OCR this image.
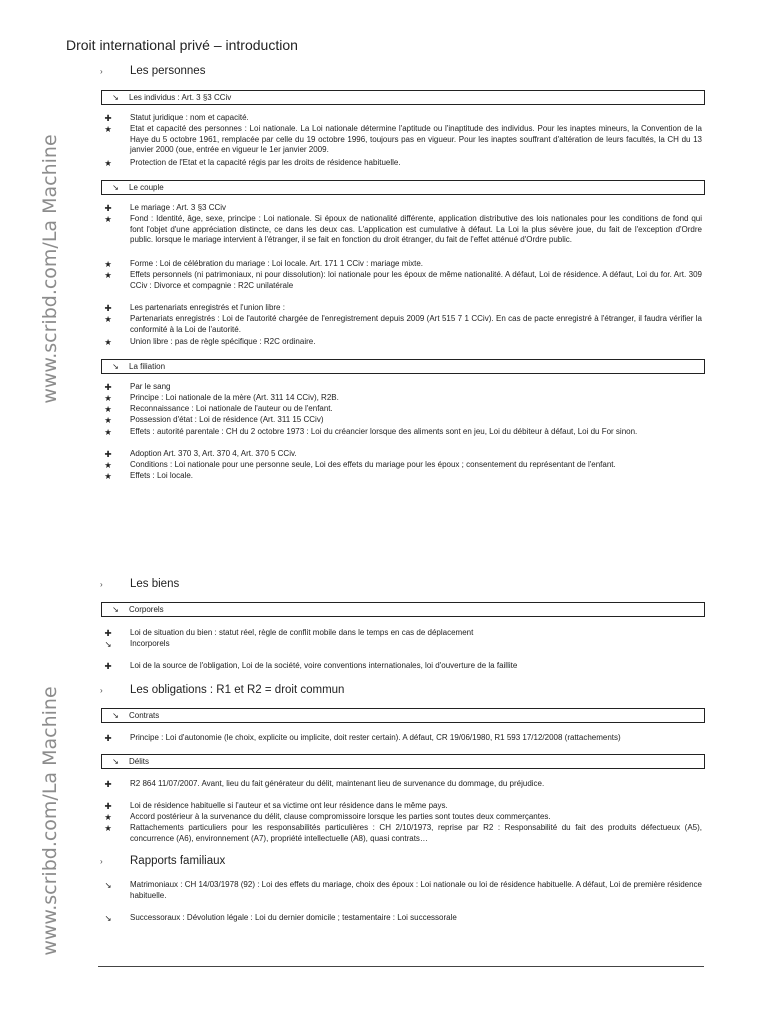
www.scribd.com/La Machine
www.scribd.com/La Machine
Droit international privé – introduction
› Les personnes
↘ Les individus : Art. 3 §3 CCiv
✚	Statut juridique : nom et capacité.
★ Etat et capacité des personnes : Loi nationale. La Loi nationale détermine l'aptitude ou l'inaptitude des individus. Pour les inaptes mineurs, la Convention de la Haye du 5 octobre 1961, remplacée par celle du 19 octobre 1996, toujours pas en vigueur. Pour les inaptes souffrant d'altération de leurs facultés, la CH du 13 janvier 2000 (oue, entrée en vigueur le 1er janvier 2009.
★ Protection de l'Etat et la capacité régis par les droits de résidence habituelle.
↘ Le couple
✚	Le mariage : Art. 3 §3 CCiv
★ Fond : Identité, âge, sexe, principe : Loi nationale. Si époux de nationalité différente, application distributive des lois nationales pour les conditions de fond qui font l'objet d'une appréciation distincte, ce dans les deux cas. L'application est cumulative à défaut. La Loi la plus sévère joue, du fait de l'exception d'Ordre public. lorsque le mariage intervient à l'étranger, il se fait en fonction du droit étranger, du fait de l'effet atténué d'Ordre public.
★ Forme : Loi de célébration du mariage : Loi locale. Art. 171 1 CCiv : mariage mixte.
★ Effets personnels (ni patrimoniaux, ni pour dissolution): loi nationale pour les époux de même nationalité. A défaut, Loi de résidence. A défaut, Loi du for. Art. 309 CCiv : Divorce et compagnie : R2C unilatérale
✚	Les partenariats enregistrés et l'union libre :
★ Partenariats enregistrés : Loi de l'autorité chargée de l'enregistrement depuis 2009 (Art 515 7 1 CCiv). En cas de pacte enregistré à l'étranger, il faudra vérifier la conformité à la Loi de l'autorité.
★ Union libre : pas de règle spécifique : R2C ordinaire.
↘ La filiation
✚	Par le sang
★ Principe : Loi nationale de la mère (Art. 311 14 CCiv), R2B.
★ Reconnaissance : Loi nationale de l'auteur ou de l'enfant.
★ Possession d'état : Loi de résidence (Art. 311 15 CCiv)
★ Effets : autorité parentale : CH du 2 octobre 1973 : Loi du créancier lorsque des aliments sont en jeu, Loi du débiteur à défaut, Loi du For sinon.
✚	Adoption Art. 370 3, Art. 370 4, Art. 370 5 CCiv.
★ Conditions : Loi nationale pour une personne seule, Loi des effets du mariage pour les époux ; consentement du représentant de l'enfant.
★ Effets : Loi locale.
› Les biens
↘ Corporels
✚	Loi de situation du bien : statut réel, règle de conflit mobile dans le temps en cas de déplacement
↘	Incorporels
✚	Loi de la source de l'obligation, Loi de la société, voire conventions internationales, loi d'ouverture de la faillite
› Les obligations : R1 et R2 = droit commun
↘ Contrats
✚	Principe : Loi d'autonomie (le choix, explicite ou implicite, doit rester certain). A défaut, CR 19/06/1980, R1 593 17/12/2008 (rattachements)
↘ Délits
✚	R2 864 11/07/2007. Avant, lieu du fait générateur du délit, maintenant lieu de survenance du dommage, du préjudice.
✚	Loi de résidence habituelle si l'auteur et sa victime ont leur résidence dans le même pays.
★ Accord postérieur à la survenance du délit, clause compromissoire lorsque les parties sont toutes deux commerçantes.
★ Rattachements particuliers pour les responsabilités particulières : CH 2/10/1973, reprise par R2 : Responsabilité du fait des produits défectueux (A5), concurrence (A6), environnement (A7), propriété intellectuelle (A8), quasi contrats…
› Rapports familiaux
↘	Matrimoniaux : CH 14/03/1978 (92) : Loi des effets du mariage, choix des époux : Loi nationale ou loi de résidence habituelle. A défaut, Loi de première résidence habituelle.
↘	Successoraux : Dévolution légale : Loi du dernier domicile ; testamentaire : Loi successorale
